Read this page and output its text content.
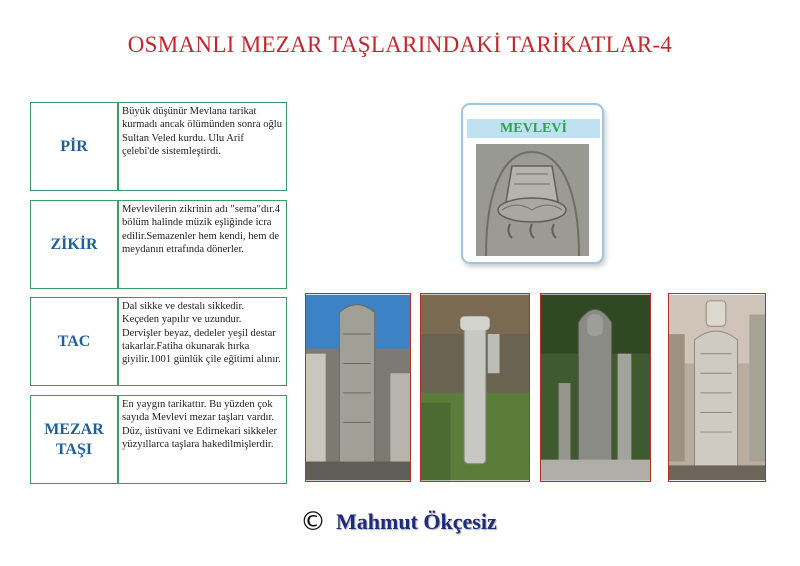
OSMANLI MEZAR TAŞLARINDAKİ TARİKATLAR-4
PİR
Büyük düşünür Mevlana tarikat kurmadı ancak ölümünden sonra oğlu Sultan Veled kurdu. Ulu Arif çelebi'de sistemleştirdi.
ZİKİR
Mevlevilerin zikrinin adı "sema"dır.4 bölüm halinde müzik eşliğinde icra edilir.Semazenler hem kendi, hem de meydanın etrafında dönerler.
TAC
Dal sikke ve destalı sikkedir. Keçeden yapılır ve uzundur. Dervişler beyaz, dedeler yeşil destar takarlar.Fatiha okunarak hırka giyilir.1001 günlük çile eğitimi alınır.
MEZAR TAŞI
En yaygın tarikattır. Bu yüzden çok sayıda Mevlevi mezar taşları vardır. Düz, üstüvani ve Edirnekari sikkeler yüzyıllarca taşlara hakedilmişlerdir.
MEVLEVİ
© Mahmut Ökçesiz
